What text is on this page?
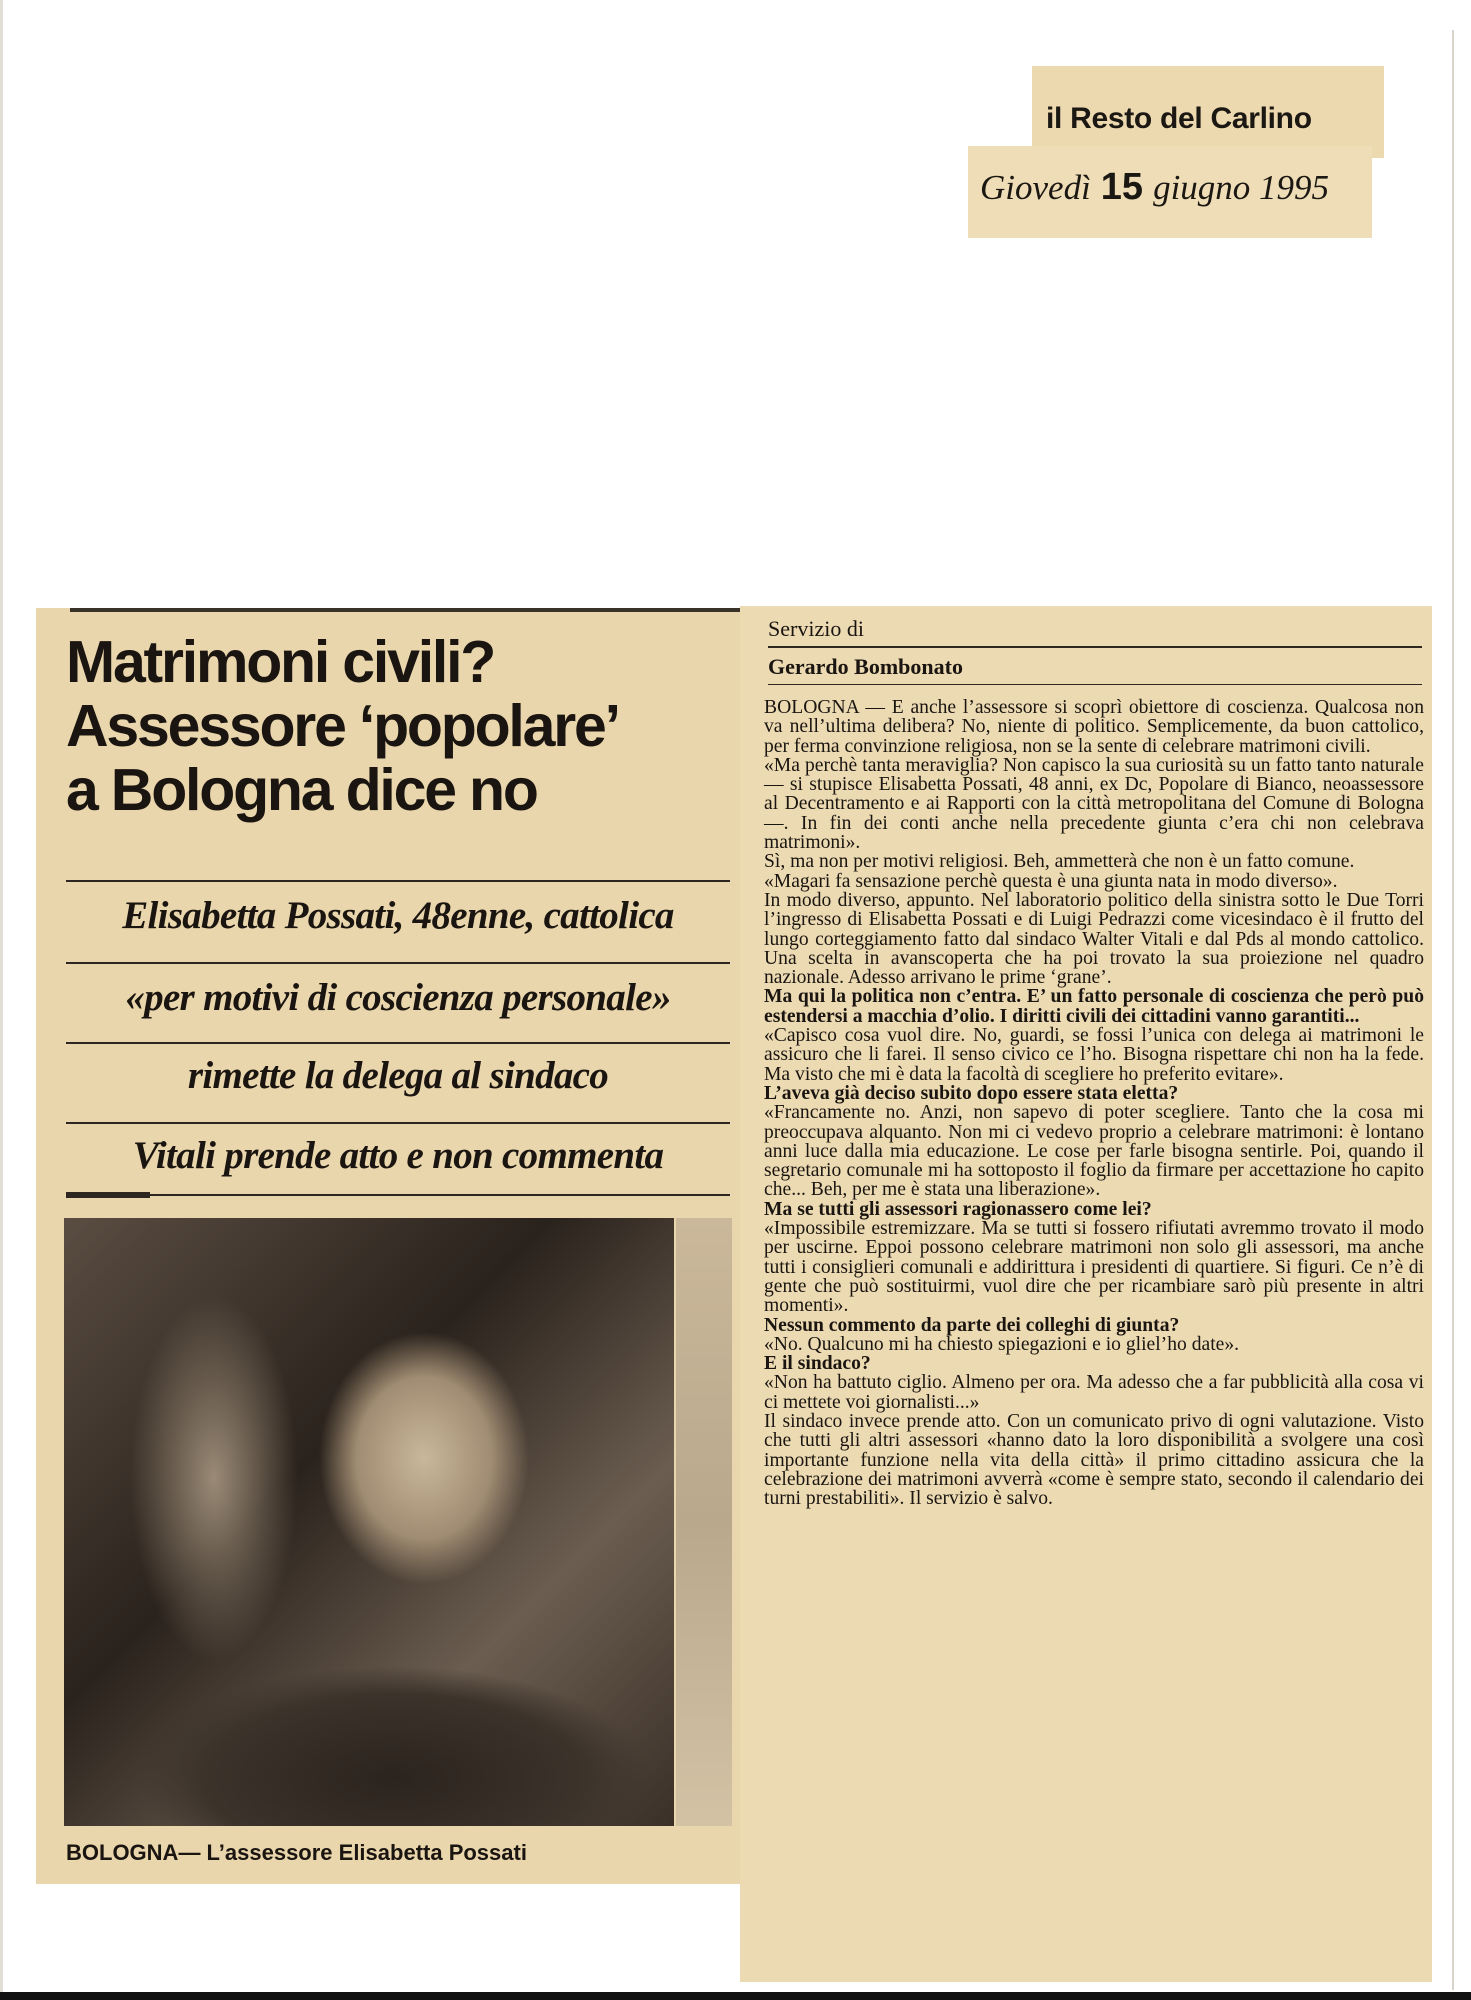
il Resto del Carlino
Giovedì 15 giugno 1995
Matrimoni civili?
Assessore ‘popolare’
a Bologna dice no
Elisabetta Possati, 48enne, cattolica
«per motivi di coscienza personale»
rimette la delega al sindaco
Vitali prende atto e non commenta
BOLOGNA— L’assessore Elisabetta Possati
Servizio di
Gerardo Bombonato

BOLOGNA — E anche l’assessore si scoprì obiettore di coscienza. Qualcosa non va nell’ultima delibera? No, niente di politico. Semplicemente, da buon cattolico, per ferma convinzione religiosa, non se la sente di celebrare matrimoni civili.

«Ma perchè tanta meraviglia? Non capisco la sua curiosità su un fatto tanto naturale — si stupisce Elisabetta Possati, 48 anni, ex Dc, Popolare di Bianco, neoassessore al Decentramento e ai Rapporti con la città metropolitana del Comune di Bologna —. In fin dei conti anche nella precedente giunta c’era chi non celebrava matrimoni».

Sì, ma non per motivi religiosi. Beh, ammetterà che non è un fatto comune.

«Magari fa sensazione perchè questa è una giunta nata in modo diverso».

In modo diverso, appunto. Nel laboratorio politico della sinistra sotto le Due Torri l’ingresso di Elisabetta Possati e di Luigi Pedrazzi come vicesindaco è il frutto del lungo corteggiamento fatto dal sindaco Walter Vitali e dal Pds al mondo cattolico. Una scelta in avanscoperta che ha poi trovato la sua proiezione nel quadro nazionale. Adesso arrivano le prime ‘grane’.

Ma qui la politica non c’entra. E’ un fatto personale di coscienza che però può estendersi a macchia d’olio. I diritti civili dei cittadini vanno garantiti...

«Capisco cosa vuol dire. No, guardi, se fossi l’unica con delega ai matrimoni le assicuro che li farei. Il senso civico ce l’ho. Bisogna rispettare chi non ha la fede. Ma visto che mi è data la facoltà di scegliere ho preferito evitare».

L’aveva già deciso subito dopo essere stata eletta?

«Francamente no. Anzi, non sapevo di poter scegliere. Tanto che la cosa mi preoccupava alquanto. Non mi ci vedevo proprio a celebrare matrimoni: è lontano anni luce dalla mia educazione. Le cose per farle bisogna sentirle. Poi, quando il segretario comunale mi ha sottoposto il foglio da firmare per accettazione ho capito che... Beh, per me è stata una liberazione».

Ma se tutti gli assessori ragionassero come lei?

«Impossibile estremizzare. Ma se tutti si fossero rifiutati avremmo trovato il modo per uscirne. Eppoi possono celebrare matrimoni non solo gli assessori, ma anche tutti i consiglieri comunali e addirittura i presidenti di quartiere. Si figuri. Ce n’è di gente che può sostituirmi, vuol dire che per ricambiare sarò più presente in altri momenti».

Nessun commento da parte dei colleghi di giunta?

«No. Qualcuno mi ha chiesto spiegazioni e io gliel’ho date».

E il sindaco?

«Non ha battuto ciglio. Almeno per ora. Ma adesso che a far pubblicità alla cosa vi ci mettete voi giornalisti...»

Il sindaco invece prende atto. Con un comunicato privo di ogni valutazione. Visto che tutti gli altri assessori «hanno dato la loro disponibilità a svolgere una così importante funzione nella vita della città» il primo cittadino assicura che la celebrazione dei matrimoni avverrà «come è sempre stato, secondo il calendario dei turni prestabiliti». Il servizio è salvo.
